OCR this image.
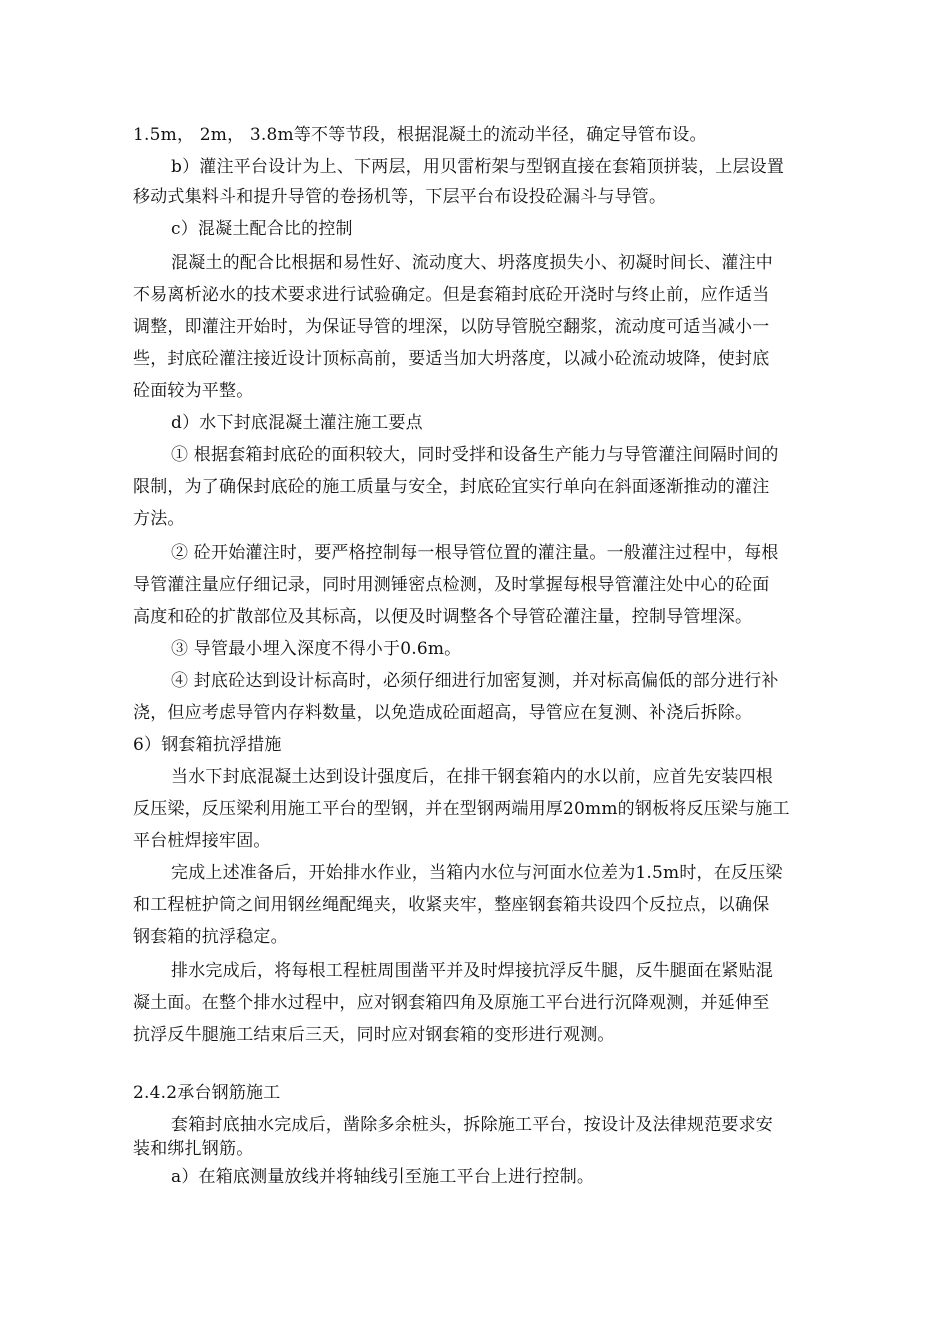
1.5m， 2m， 3.8m等不等节段，根据混凝土的流动半径，确定导管布设。
b）灌注平台设计为上、下两层，用贝雷桁架与型钢直接在套箱顶拼装，上层设置
移动式集料斗和提升导管的卷扬机等，下层平台布设投砼漏斗与导管。
c）混凝土配合比的控制
混凝土的配合比根据和易性好、流动度大、坍落度损失小、初凝时间长、灌注中
不易离析泌水的技术要求进行试验确定。但是套箱封底砼开浇时与终止前，应作适当
调整，即灌注开始时，为保证导管的埋深，以防导管脱空翻浆，流动度可适当减小一
些，封底砼灌注接近设计顶标高前，要适当加大坍落度，以减小砼流动坡降，使封底
砼面较为平整。
d）水下封底混凝土灌注施工要点
① 根据套箱封底砼的面积较大，同时受拌和设备生产能力与导管灌注间隔时间的
限制，为了确保封底砼的施工质量与安全，封底砼宜实行单向在斜面逐渐推动的灌注
方法。
② 砼开始灌注时，要严格控制每一根导管位置的灌注量。一般灌注过程中，每根
导管灌注量应仔细记录，同时用测锤密点检测，及时掌握每根导管灌注处中心的砼面
高度和砼的扩散部位及其标高，以便及时调整各个导管砼灌注量，控制导管埋深。
③ 导管最小埋入深度不得小于0.6m。
④ 封底砼达到设计标高时，必须仔细进行加密复测，并对标高偏低的部分进行补
浇，但应考虑导管内存料数量，以免造成砼面超高，导管应在复测、补浇后拆除。
6）钢套箱抗浮措施
当水下封底混凝土达到设计强度后，在排干钢套箱内的水以前，应首先安装四根
反压梁，反压梁利用施工平台的型钢，并在型钢两端用厚20mm的钢板将反压梁与施工
平台桩焊接牢固。
完成上述准备后，开始排水作业，当箱内水位与河面水位差为1.5m时，在反压梁
和工程桩护筒之间用钢丝绳配绳夹，收紧夹牢，整座钢套箱共设四个反拉点，以确保
钢套箱的抗浮稳定。
排水完成后，将每根工程桩周围凿平并及时焊接抗浮反牛腿，反牛腿面在紧贴混
凝土面。在整个排水过程中，应对钢套箱四角及原施工平台进行沉降观测，并延伸至
抗浮反牛腿施工结束后三天，同时应对钢套箱的变形进行观测。
2.4.2承台钢筋施工
套箱封底抽水完成后，凿除多余桩头，拆除施工平台，按设计及法律规范要求安
装和绑扎钢筋。
a）在箱底测量放线并将轴线引至施工平台上进行控制。
